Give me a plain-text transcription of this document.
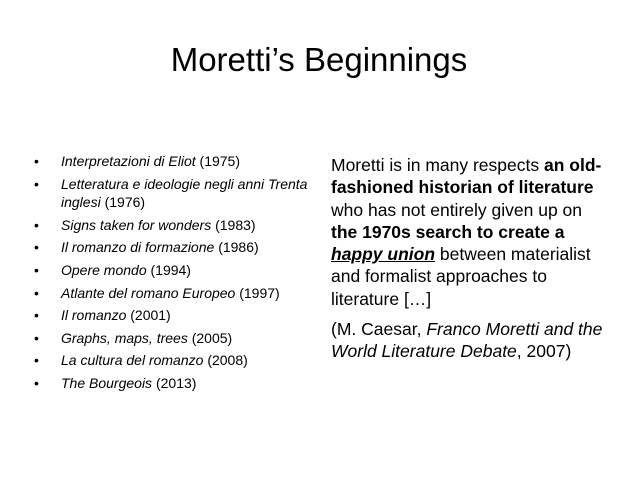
Moretti’s Beginnings
•	Interpretazioni di Eliot (1975)
•	Letteratura e ideologie negli anni Trenta inglesi (1976)
•	Signs taken for wonders (1983)
•	Il romanzo di formazione (1986)
•	Opere mondo (1994)
•	Atlante del romano Europeo (1997)
•	Il romanzo (2001)
•	Graphs, maps, trees (2005)
•	La cultura del romanzo (2008)
•	The Bourgeois (2013)

Moretti is in many respects an old-fashioned historian of literature who has not entirely given up on the 1970s search to create a happy union between materialist and formalist approaches to literature […]

(M. Caesar, Franco Moretti and the World Literature Debate, 2007)
